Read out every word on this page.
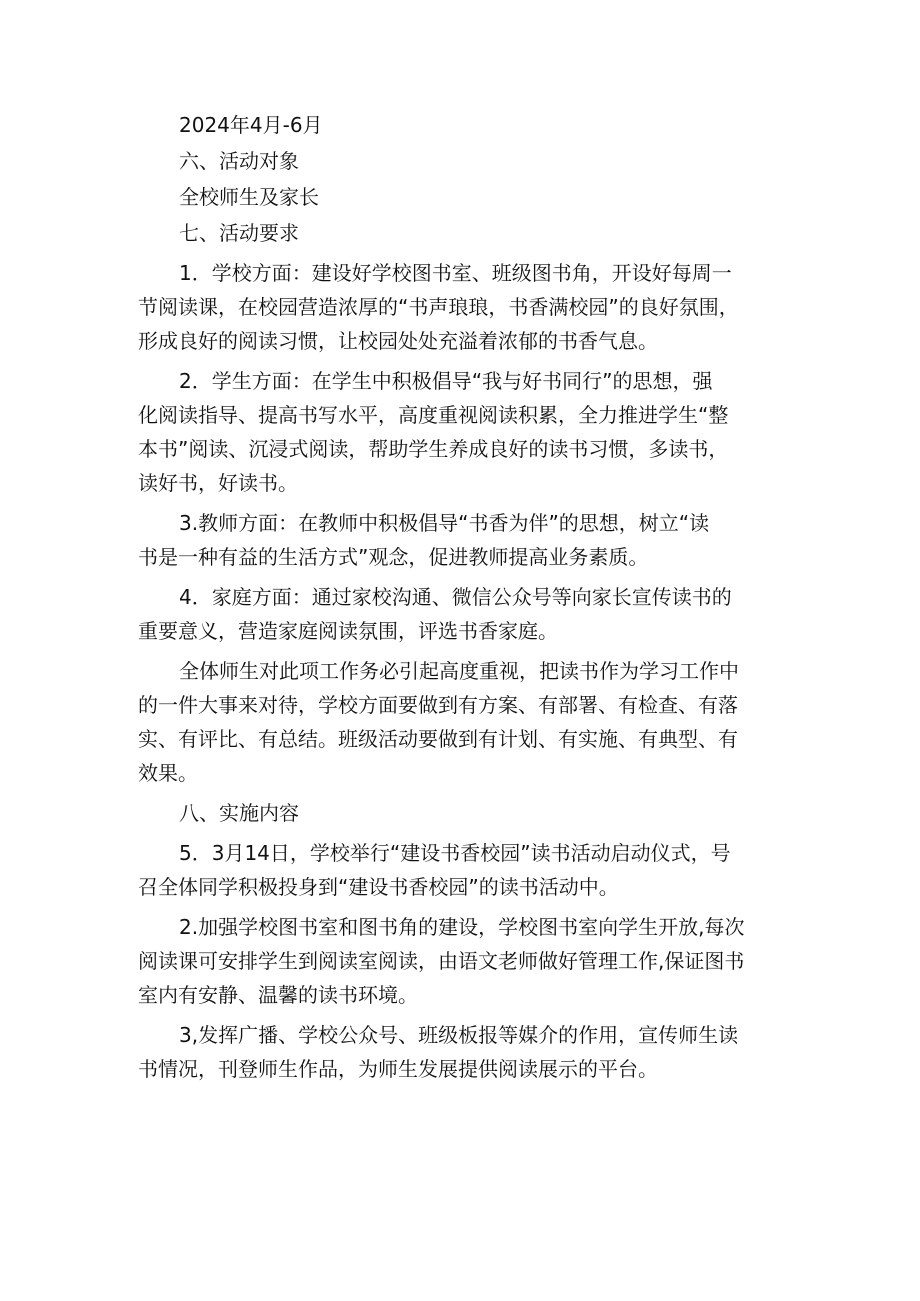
2024年4月-6月
六、活动对象
全校师生及家长
七、活动要求
1．学校方面：建设好学校图书室、班级图书角，开设好每周一
节阅读课，在校园营造浓厚的“书声琅琅，书香满校园”的良好氛围，
形成良好的阅读习惯，让校园处处充溢着浓郁的书香气息。
2．学生方面：在学生中积极倡导“我与好书同行”的思想，强
化阅读指导、提高书写水平，高度重视阅读积累，全力推进学生“整
本书”阅读、沉浸式阅读，帮助学生养成良好的读书习惯，多读书，
读好书，好读书。
3.教师方面：在教师中积极倡导“书香为伴”的思想，树立“读
书是一种有益的生活方式”观念，促进教师提高业务素质。
4．家庭方面：通过家校沟通、微信公众号等向家长宣传读书的
重要意义，营造家庭阅读氛围，评选书香家庭。
全体师生对此项工作务必引起高度重视，把读书作为学习工作中
的一件大事来对待，学校方面要做到有方案、有部署、有检查、有落
实、有评比、有总结。班级活动要做到有计划、有实施、有典型、有
效果。
八、实施内容
5．3月14日，学校举行“建设书香校园”读书活动启动仪式，号
召全体同学积极投身到“建设书香校园”的读书活动中。
2.加强学校图书室和图书角的建设，学校图书室向学生开放,每次
阅读课可安排学生到阅读室阅读，由语文老师做好管理工作,保证图书
室内有安静、温馨的读书环境。
3,发挥广播、学校公众号、班级板报等媒介的作用，宣传师生读
书情况，刊登师生作品，为师生发展提供阅读展示的平台。
